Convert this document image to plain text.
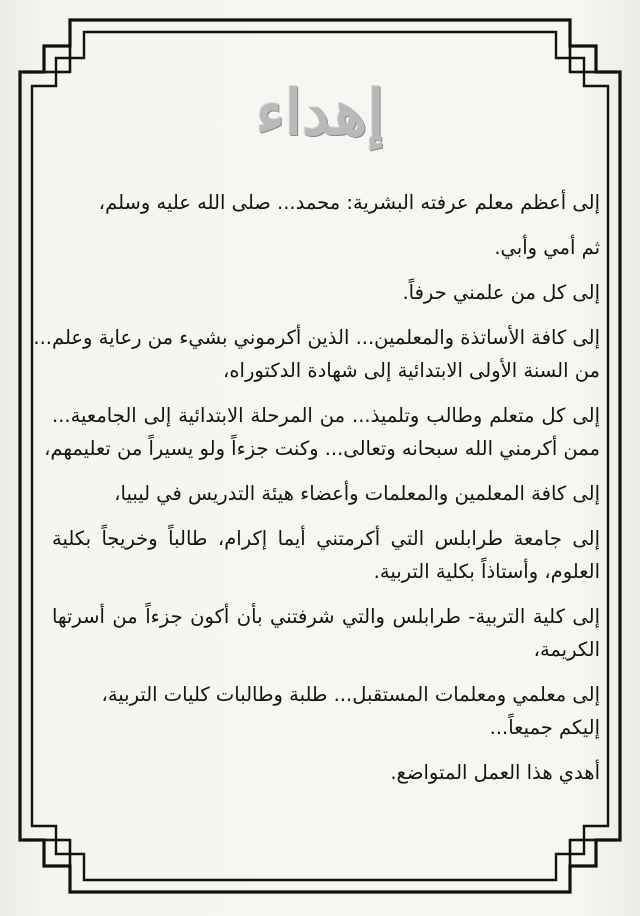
إهداء

إلى أعظم معلم عرفته البشرية: محمد... صلى الله عليه وسلم،

ثم أمي وأبي.

إلى كل من علمني حرفاً.

إلى كافة الأساتذة والمعلمين... الذين أكرموني بشيء من رعاية وعلم...
من السنة الأولى الابتدائية إلى شهادة الدكتوراه،

إلى كل متعلم وطالب وتلميذ... من المرحلة الابتدائية إلى الجامعية...
ممن أكرمني الله سبحانه وتعالى... وكنت جزءاً ولو يسيراً من تعليمهم،

إلى كافة المعلمين والمعلمات وأعضاء هيئة التدريس في ليبيا،

إلى جامعة طرابلس التي أكرمتني أيما إكرام، طالباً وخريجاً بكلية
العلوم، وأستاذاً بكلية التربية.

إلى كلية التربية- طرابلس والتي شرفتني بأن أكون جزءاً من أسرتها
الكريمة،

إلى معلمي ومعلمات المستقبل... طلبة وطالبات كليات التربية،
إليكم جميعاً...

أهدي هذا العمل المتواضع.
